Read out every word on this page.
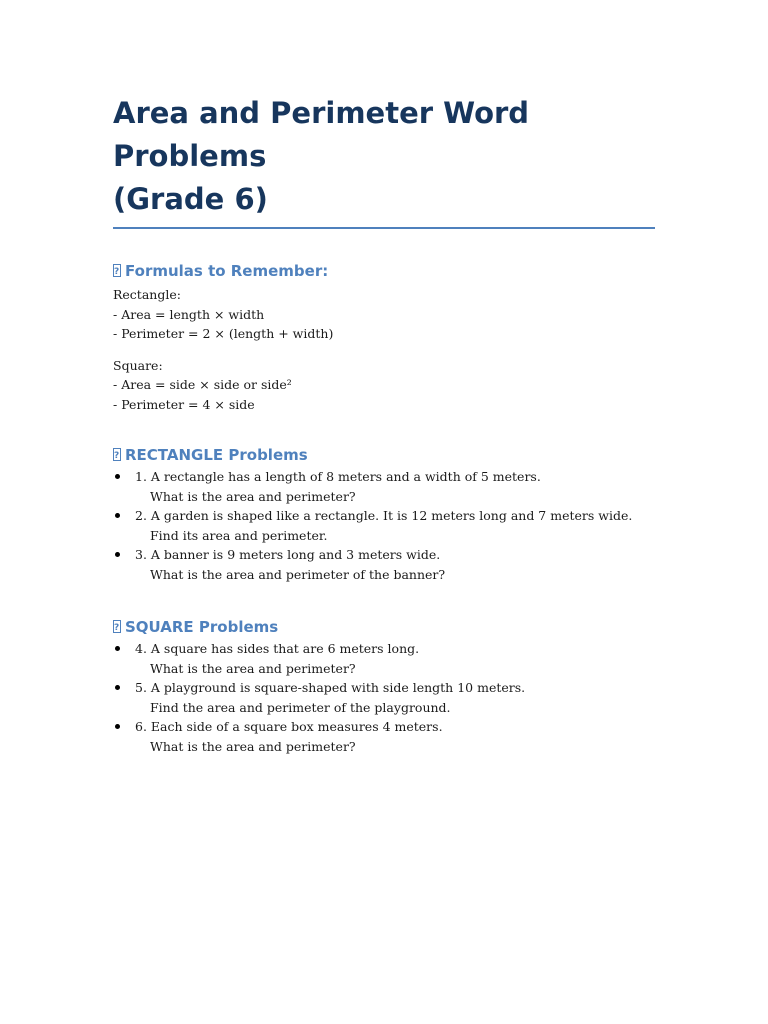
Area and Perimeter Word Problems
(Grade 6)
?Formulas to Remember:
Rectangle:
- Area = length × width
- Perimeter = 2 × (length + width)
Square:
- Area = side × side or side²
- Perimeter = 4 × side
?RECTANGLE Problems
1. A rectangle has a length of 8 meters and a width of 5 meters.
What is the area and perimeter?
2. A garden is shaped like a rectangle. It is 12 meters long and 7 meters wide.
Find its area and perimeter.
3. A banner is 9 meters long and 3 meters wide.
What is the area and perimeter of the banner?
?SQUARE Problems
4. A square has sides that are 6 meters long.
What is the area and perimeter?
5. A playground is square-shaped with side length 10 meters.
Find the area and perimeter of the playground.
6. Each side of a square box measures 4 meters.
What is the area and perimeter?
